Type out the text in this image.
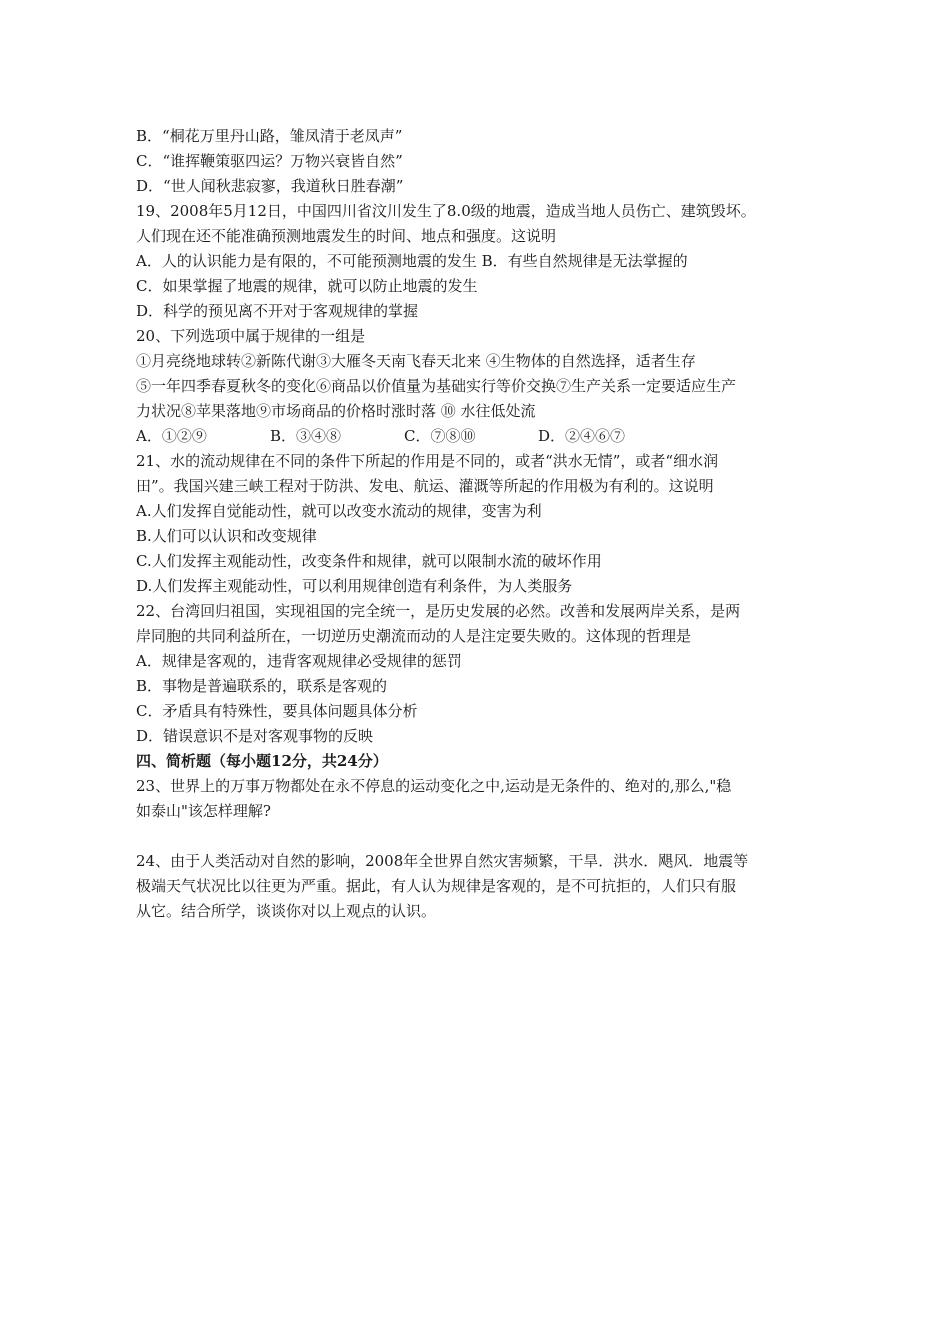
B．“桐花万里丹山路，雏凤清于老凤声”
C．“谁挥鞭策驱四运？万物兴衰皆自然”
D．“世人闻秋悲寂寥，我道秋日胜春潮”
19、2008年5月12日，中国四川省汶川发生了8.0级的地震，造成当地人员伤亡、建筑毁坏。
人们现在还不能准确预测地震发生的时间、地点和强度。这说明
A．人的认识能力是有限的，不可能预测地震的发生 B．有些自然规律是无法掌握的
C．如果掌握了地震的规律，就可以防止地震的发生
D．科学的预见离不开对于客观规律的掌握
20、下列选项中属于规律的一组是
①月亮绕地球转②新陈代谢③大雁冬天南飞春天北来 ④生物体的自然选择，适者生存
⑤一年四季春夏秋冬的变化⑥商品以价值量为基础实行等价交换⑦生产关系一定要适应生产
力状况⑧苹果落地⑨市场商品的价格时涨时落 ⑩ 水往低处流
A．①②⑨	B．③④⑧	C．⑦⑧⑩	D．②④⑥⑦
21、水的流动规律在不同的条件下所起的作用是不同的，或者“洪水无情”，或者“细水润
田”。我国兴建三峡工程对于防洪、发电、航运、灌溉等所起的作用极为有利的。这说明
A.人们发挥自觉能动性，就可以改变水流动的规律，变害为利
B.人们可以认识和改变规律
C.人们发挥主观能动性，改变条件和规律，就可以限制水流的破坏作用
D.人们发挥主观能动性，可以利用规律创造有利条件，为人类服务
22、台湾回归祖国，实现祖国的完全统一，是历史发展的必然。改善和发展两岸关系，是两
岸同胞的共同利益所在，一切逆历史潮流而动的人是注定要失败的。这体现的哲理是
A．规律是客观的，违背客观规律必受规律的惩罚
B．事物是普遍联系的，联系是客观的
C．矛盾具有特殊性，要具体问题具体分析
D．错误意识不是对客观事物的反映
四、简析题（每小题12分，共24分）
23、世界上的万事万物都处在永不停息的运动变化之中,运动是无条件的、绝对的,那么,"稳
如泰山"该怎样理解?
24、由于人类活动对自然的影响，2008年全世界自然灾害频繁，干旱．洪水．飓风．地震等
极端天气状况比以往更为严重。据此，有人认为规律是客观的，是不可抗拒的，人们只有服
从它。结合所学，谈谈你对以上观点的认识。
